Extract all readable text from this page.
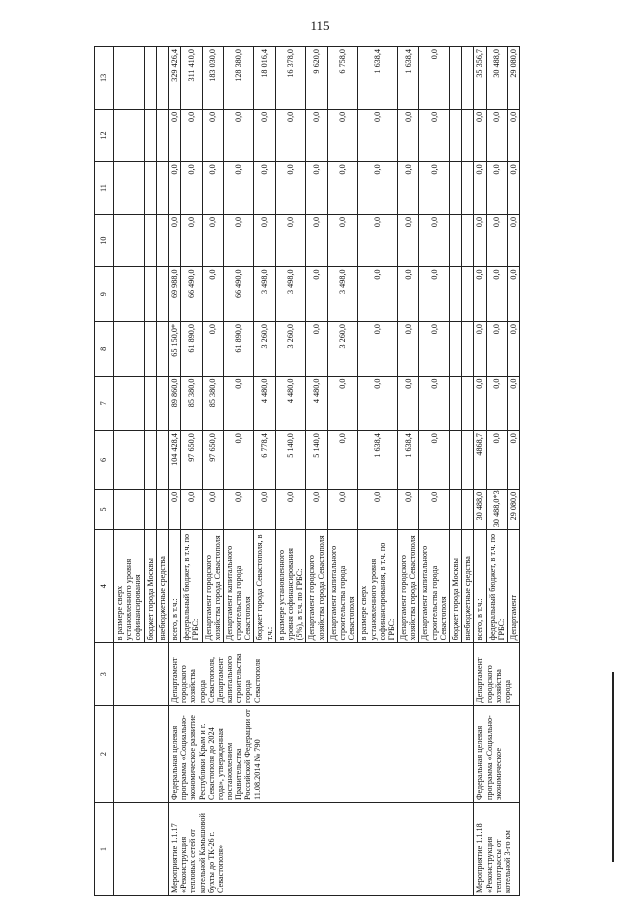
115
1	2	3	4	5	6	7	8	9	10	11	12	13
			в размере сверх установленного уровня софинансирования									
			бюджет города Москвы									
			внебюджетные средства									
Мероприятие 1.1.17 «Реконструкция тепловых сетей от котельной Камышовой бухты до ТК-26 г. Севастополя»	Федеральная целевая программа «Социально-экономическое развитие Республики Крым и г. Севастополя до 2024 года», утвержденная постановлением Правительства Российской Федерации от 11.08.2014 № 790	Департамент городского хозяйства города Севастополя, Департамент капитального строительства города Севастополя	всего, в т.ч.:	0,0	104 428,4	89 860,0	65 150,0*	69 988,0	0,0	0,0	0,0	329 426,4
			федеральный бюджет, в т.ч. по ГРБС:	0,0	97 650,0	85 380,0	61 890,0	66 490,0	0,0	0,0	0,0	311 410,0
			Департамент городского хозяйства города Севастополя	0,0	97 650,0	85 380,0	0,0	0,0	0,0	0,0	0,0	183 030,0
			Департамент капитального строительства города Севастополя	0,0	0,0	0,0	61 890,0	66 490,0	0,0	0,0	0,0	128 380,0
			бюджет города Севастополя, в т.ч.:	0,0	6 778,4	4 480,0	3 260,0	3 498,0	0,0	0,0	0,0	18 016,4
			в размере установленного уровня софинансирования (5%), в т.ч. по ГРБС:	0,0	5 140,0	4 480,0	3 260,0	3 498,0	0,0	0,0	0,0	16 378,0
			Департамент городского хозяйства города Севастополя	0,0	5 140,0	4 480,0	0,0	0,0	0,0	0,0	0,0	9 620,0
			Департамент капитального строительства города Севастополя	0,0	0,0	0,0	3 260,0	3 498,0	0,0	0,0	0,0	6 758,0
			в размере сверх установленного уровня софинансирования, в т.ч. по ГРБС:	0,0	1 638,4	0,0	0,0	0,0	0,0	0,0	0,0	1 638,4
			Департамент городского хозяйства города Севастополя	0,0	1 638,4	0,0	0,0	0,0	0,0	0,0	0,0	1 638,4
			Департамент капитального строительства города Севастополя	0,0	0,0	0,0	0,0	0,0	0,0	0,0	0,0	0,0
			бюджет города Москвы									
			внебюджетные средства									
Мероприятие 1.1.18 «Реконструкция теплотрассы от котельной 3-го км	Федеральная целевая программа «Социально-экономическое	Департамент городского хозяйства города	всего, в т.ч.:	30 488,0	4868,7	0,0	0,0	0,0	0,0	0,0	0,0	35 356,7
			федеральный бюджет, в т.ч. по ГРБС:	30 488,0*3	0,0	0,0	0,0	0,0	0,0	0,0	0,0	30 488,0
			Департамент	29 080,0	0,0	0,0	0,0	0,0	0,0	0,0	0,0	29 080,0
